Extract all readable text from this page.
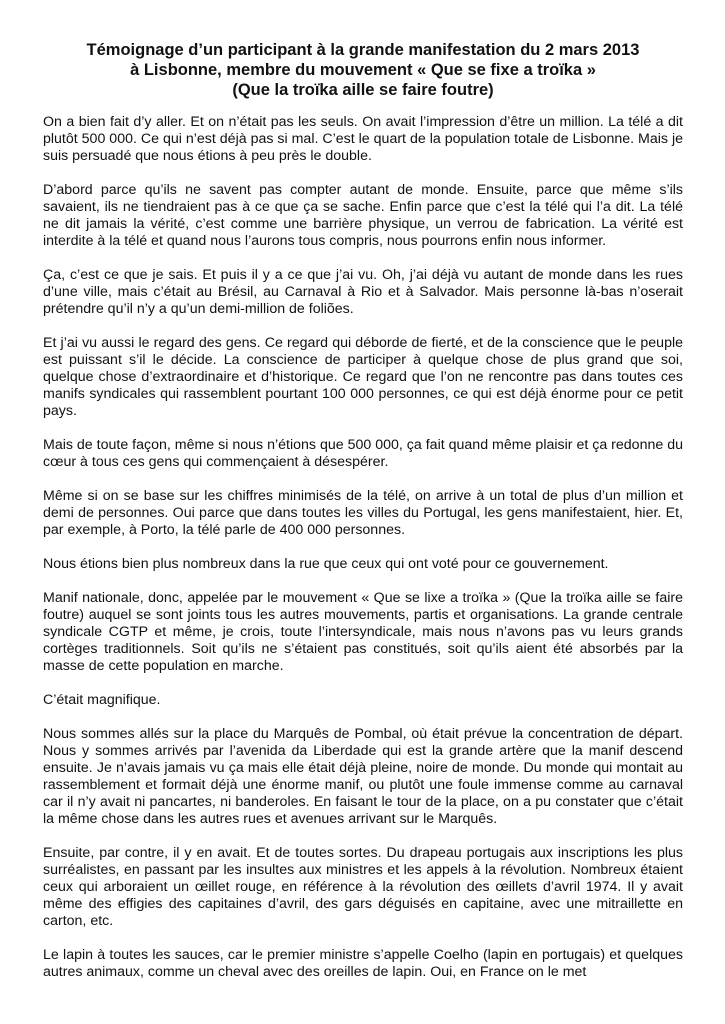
Témoignage d’un participant à la grande manifestation du 2 mars 2013
à Lisbonne, membre du mouvement « Que se fixe a troïka »
(Que la troïka aille se faire foutre)

On a bien fait d’y aller. Et on n’était pas les seuls. On avait l’impression d’être un million. La télé a dit plutôt 500 000. Ce qui n’est déjà pas si mal. C’est le quart de la population totale de Lisbonne. Mais je suis persuadé que nous étions à peu près le double.

D’abord parce qu’ils ne savent pas compter autant de monde. Ensuite, parce que même s’ils savaient, ils ne tiendraient pas à ce que ça se sache. Enfin parce que c’est la télé qui l’a dit. La télé ne dit jamais la vérité, c’est comme une barrière physique, un verrou de fabrication. La vérité est interdite à la télé et quand nous l’aurons tous compris, nous pourrons enfin nous informer.

Ça, c’est ce que je sais. Et puis il y a ce que j’ai vu. Oh, j’ai déjà vu autant de monde dans les rues d’une ville, mais c’était au Brésil, au Carnaval à Rio et à Salvador. Mais personne là-bas n’oserait prétendre qu’il n’y a qu’un demi-million de foliões.

Et j’ai vu aussi le regard des gens. Ce regard qui déborde de fierté, et de la conscience que le peuple est puissant s’il le décide. La conscience de participer à quelque chose de plus grand que soi, quelque chose d’extraordinaire et d’historique. Ce regard que l’on ne rencontre pas dans toutes ces manifs syndicales qui rassemblent pourtant 100 000 personnes, ce qui est déjà énorme pour ce petit pays.

Mais de toute façon, même si nous n’étions que 500 000, ça fait quand même plaisir et ça redonne du cœur à tous ces gens qui commençaient à désespérer.

Même si on se base sur les chiffres minimisés de la télé, on arrive à un total de plus d’un million et demi de personnes. Oui parce que dans toutes les villes du Portugal, les gens manifestaient, hier. Et, par exemple, à Porto, la télé parle de 400 000 personnes.

Nous étions bien plus nombreux dans la rue que ceux qui ont voté pour ce gouvernement.

Manif nationale, donc, appelée par le mouvement « Que se lixe a troïka » (Que la troïka aille se faire foutre) auquel se sont joints tous les autres mouvements, partis et organisations. La grande centrale syndicale CGTP et même, je crois, toute l’intersyndicale, mais nous n’avons pas vu leurs grands cortèges traditionnels. Soit qu’ils ne s’étaient pas constitués, soit qu’ils aient été absorbés par la masse de cette population en marche.

C’était magnifique.

Nous sommes allés sur la place du Marquês de Pombal, où était prévue la concentration de départ. Nous y sommes arrivés par l’avenida da Liberdade qui est la grande artère que la manif descend ensuite. Je n’avais jamais vu ça mais elle était déjà pleine, noire de monde. Du monde qui montait au rassemblement et formait déjà une énorme manif, ou plutôt une foule immense comme au carnaval car il n’y avait ni pancartes, ni banderoles. En faisant le tour de la place, on a pu constater que c’était la même chose dans les autres rues et avenues arrivant sur le Marquês.

Ensuite, par contre, il y en avait. Et de toutes sortes. Du drapeau portugais aux inscriptions les plus surréalistes, en passant par les insultes aux ministres et les appels à la révolution. Nombreux étaient ceux qui arboraient un œillet rouge, en référence à la révolution des œillets d’avril 1974. Il y avait même des effigies des capitaines d’avril, des gars déguisés en capitaine, avec une mitraillette en carton, etc.

Le lapin à toutes les sauces, car le premier ministre s’appelle Coelho (lapin en portugais) et quelques autres animaux, comme un cheval avec des oreilles de lapin. Oui, en France on le met
